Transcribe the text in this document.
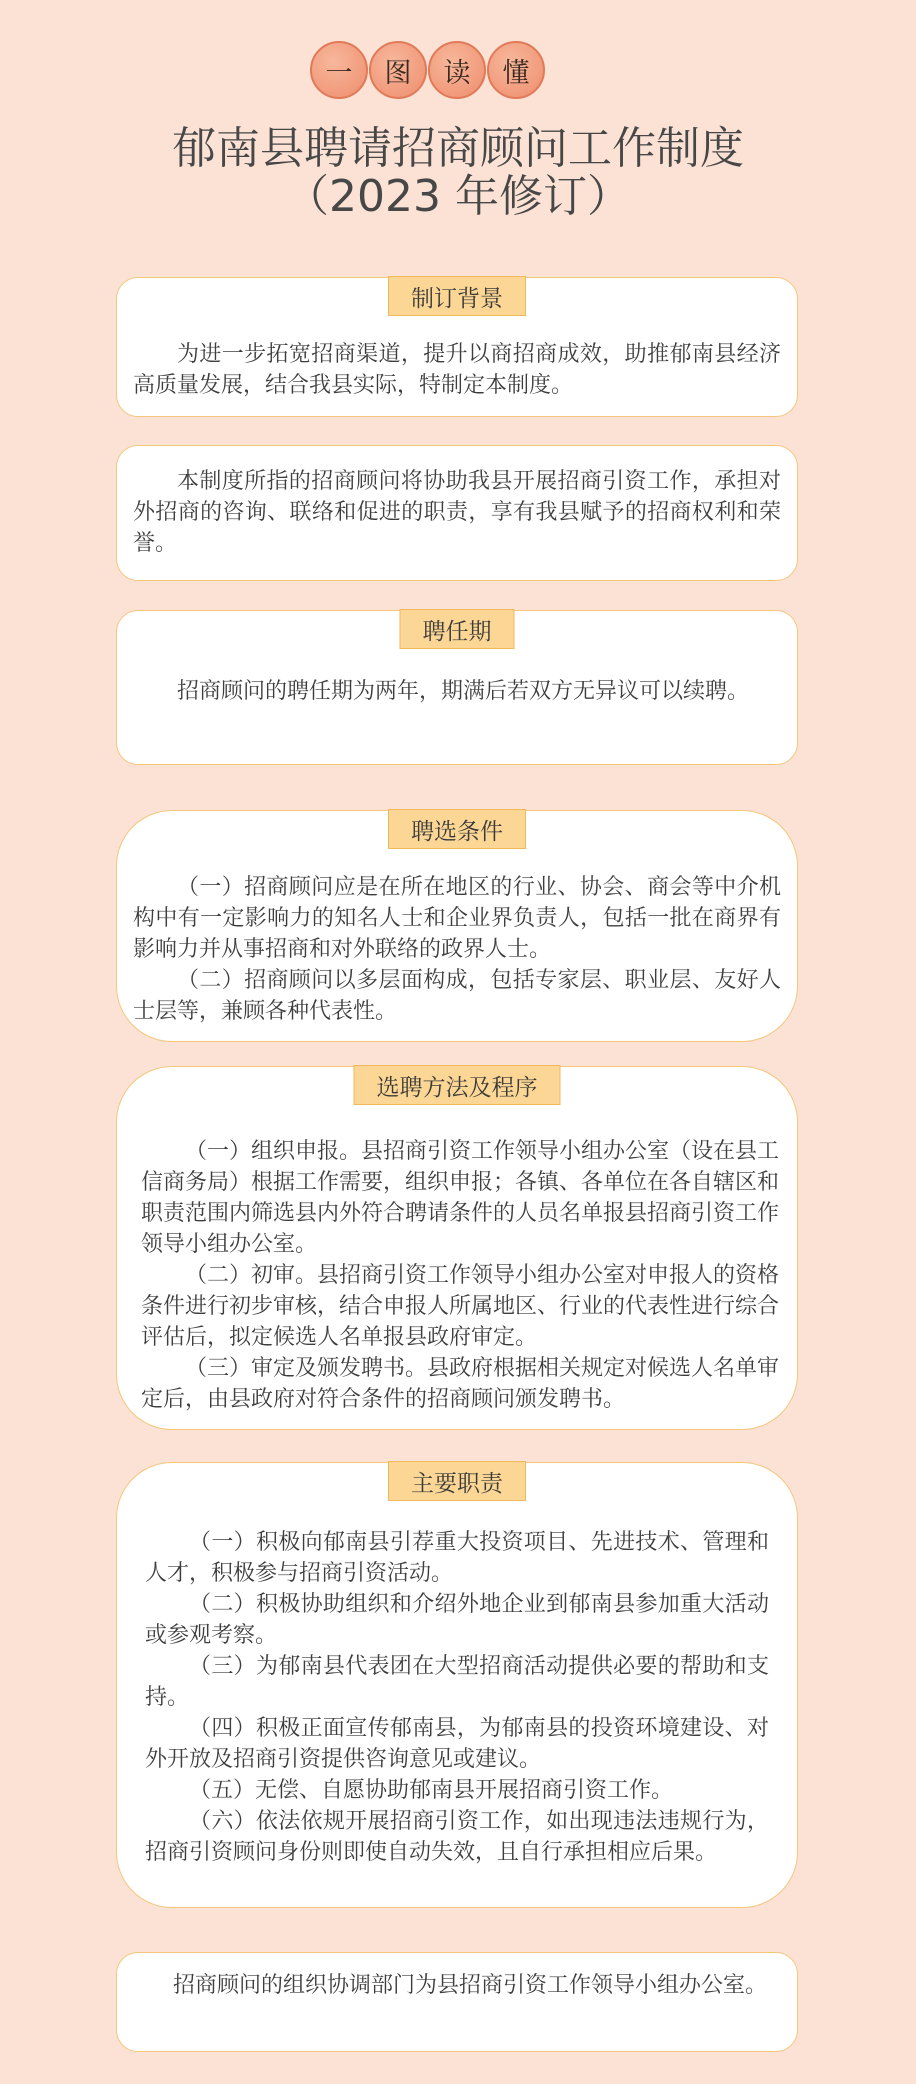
一	图	读	懂
郁南县聘请招商顾问工作制度
（2023 年修订）
制订背景

为进一步拓宽招商渠道，提升以商招商成效，助推郁南县经济高质量发展，结合我县实际，特制定本制度。

本制度所指的招商顾问将协助我县开展招商引资工作，承担对外招商的咨询、联络和促进的职责，享有我县赋予的招商权利和荣誉。

聘任期

招商顾问的聘任期为两年，期满后若双方无异议可以续聘。

聘选条件

（一）招商顾问应是在所在地区的行业、协会、商会等中介机构中有一定影响力的知名人士和企业界负责人，包括一批在商界有影响力并从事招商和对外联络的政界人士。

（二）招商顾问以多层面构成，包括专家层、职业层、友好人士层等，兼顾各种代表性。

选聘方法及程序

（一）组织申报。县招商引资工作领导小组办公室（设在县工信商务局）根据工作需要，组织申报；各镇、各单位在各自辖区和职责范围内筛选县内外符合聘请条件的人员名单报县招商引资工作领导小组办公室。

（二）初审。县招商引资工作领导小组办公室对申报人的资格条件进行初步审核，结合申报人所属地区、行业的代表性进行综合评估后，拟定候选人名单报县政府审定。

（三）审定及颁发聘书。县政府根据相关规定对候选人名单审定后，由县政府对符合条件的招商顾问颁发聘书。

主要职责

（一）积极向郁南县引荐重大投资项目、先进技术、管理和人才，积极参与招商引资活动。

（二）积极协助组织和介绍外地企业到郁南县参加重大活动或参观考察。

（三）为郁南县代表团在大型招商活动提供必要的帮助和支持。

（四）积极正面宣传郁南县，为郁南县的投资环境建设、对外开放及招商引资提供咨询意见或建议。

（五）无偿、自愿协助郁南县开展招商引资工作。

（六）依法依规开展招商引资工作，如出现违法违规行为，招商引资顾问身份则即使自动失效，且自行承担相应后果。

招商顾问的组织协调部门为县招商引资工作领导小组办公室。
